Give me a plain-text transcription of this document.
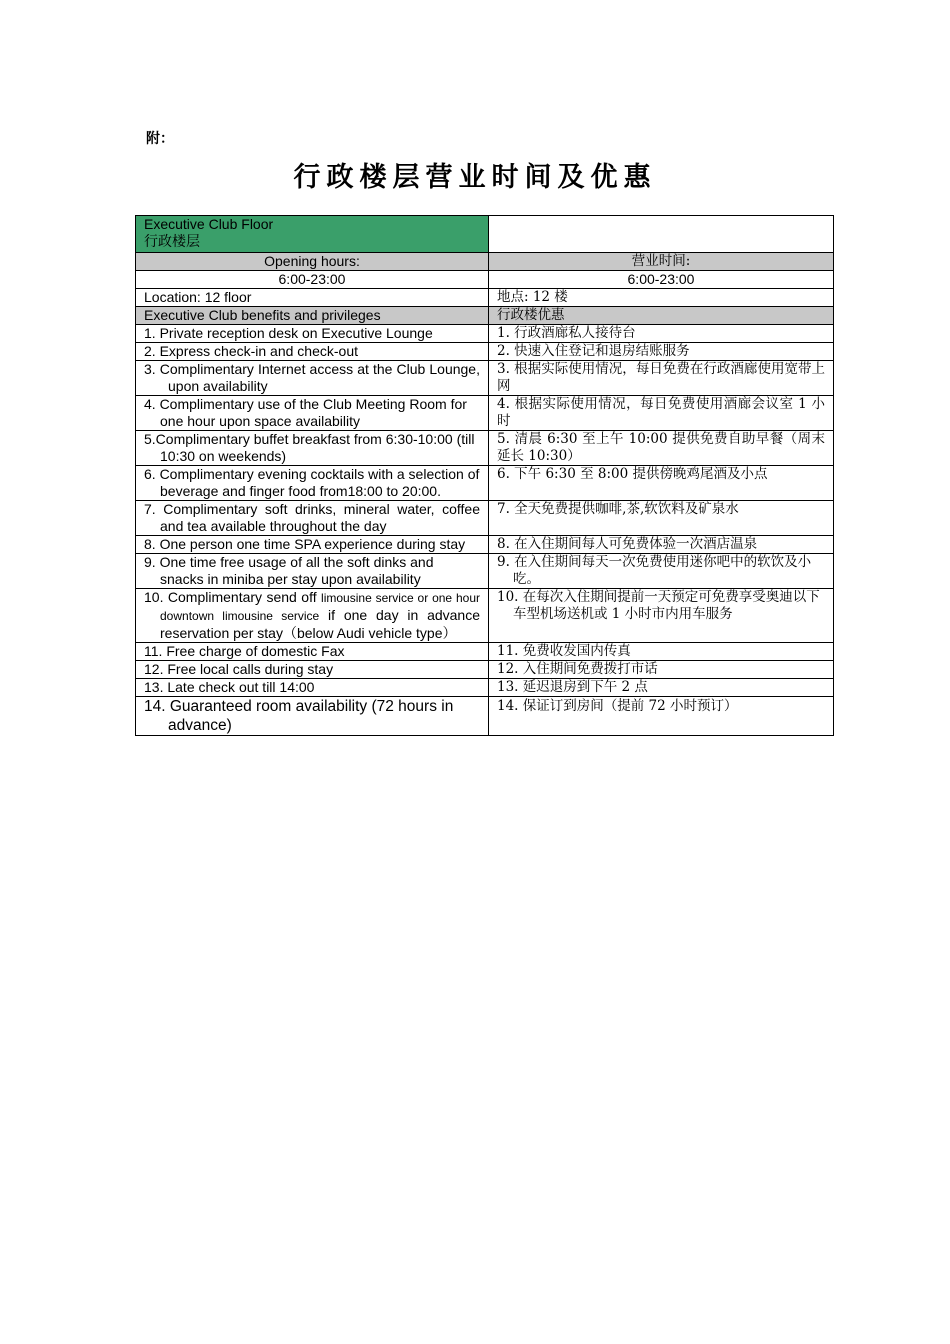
附：
行政楼层营业时间及优惠
Executive Club Floor
行政楼层	

Opening hours:	营业时间:
6:00-23:00	6:00-23:00
Location: 12 floor	地点: 12 楼
Executive Club benefits and privileges	行政楼优惠
1. Private reception desk on Executive Lounge	1. 行政酒廊私人接待台
2. Express check-in and check-out	2. 快速入住登记和退房结账服务

3. Complimentary Internet access at the Club Lounge, upon availability	3. 根据实际使用情况，每日免费在行政酒廊使用宽带上网

4. Complimentary use of the Club Meeting Room for one hour upon space availability	4. 根据实际使用情况，每日免费使用酒廊会议室 1 小时

5.Complimentary buffet breakfast from 6:30-10:00 (till 10:30 on weekends)	5. 清晨 6:30 至上午 10:00 提供免费自助早餐（周末延长 10:30）

6. Complimentary evening cocktails with a selection of beverage and finger food from18:00 to 20:00.	6. 下午 6:30 至 8:00 提供傍晚鸡尾酒及小点

7. Complimentary soft drinks, mineral water, coffee and tea available throughout the day	7. 全天免费提供咖啡,茶,软饮料及矿泉水

8. One person one time SPA experience during stay	8. 在入住期间每人可免费体验一次酒店温泉

9. One time free usage of all the soft dinks and snacks in miniba per stay upon availability	9. 在入住期间每天一次免费使用迷你吧中的软饮及小吃。

10. Complimentary send off limousine service or one hour downtown limousine service if one day in advance reservation per stay（below Audi vehicle type）	10. 在每次入住期间提前一天预定可免费享受奥迪以下车型机场送机或 1 小时市内用车服务

11. Free charge of domestic Fax	11. 免费收发国内传真
12. Free local calls during stay	12. 入住期间免费拨打市话
13. Late check out till 14:00	13. 延迟退房到下午 2 点

14. Guaranteed room availability (72 hours in advance)	14. 保证订到房间（提前 72 小时预订）
